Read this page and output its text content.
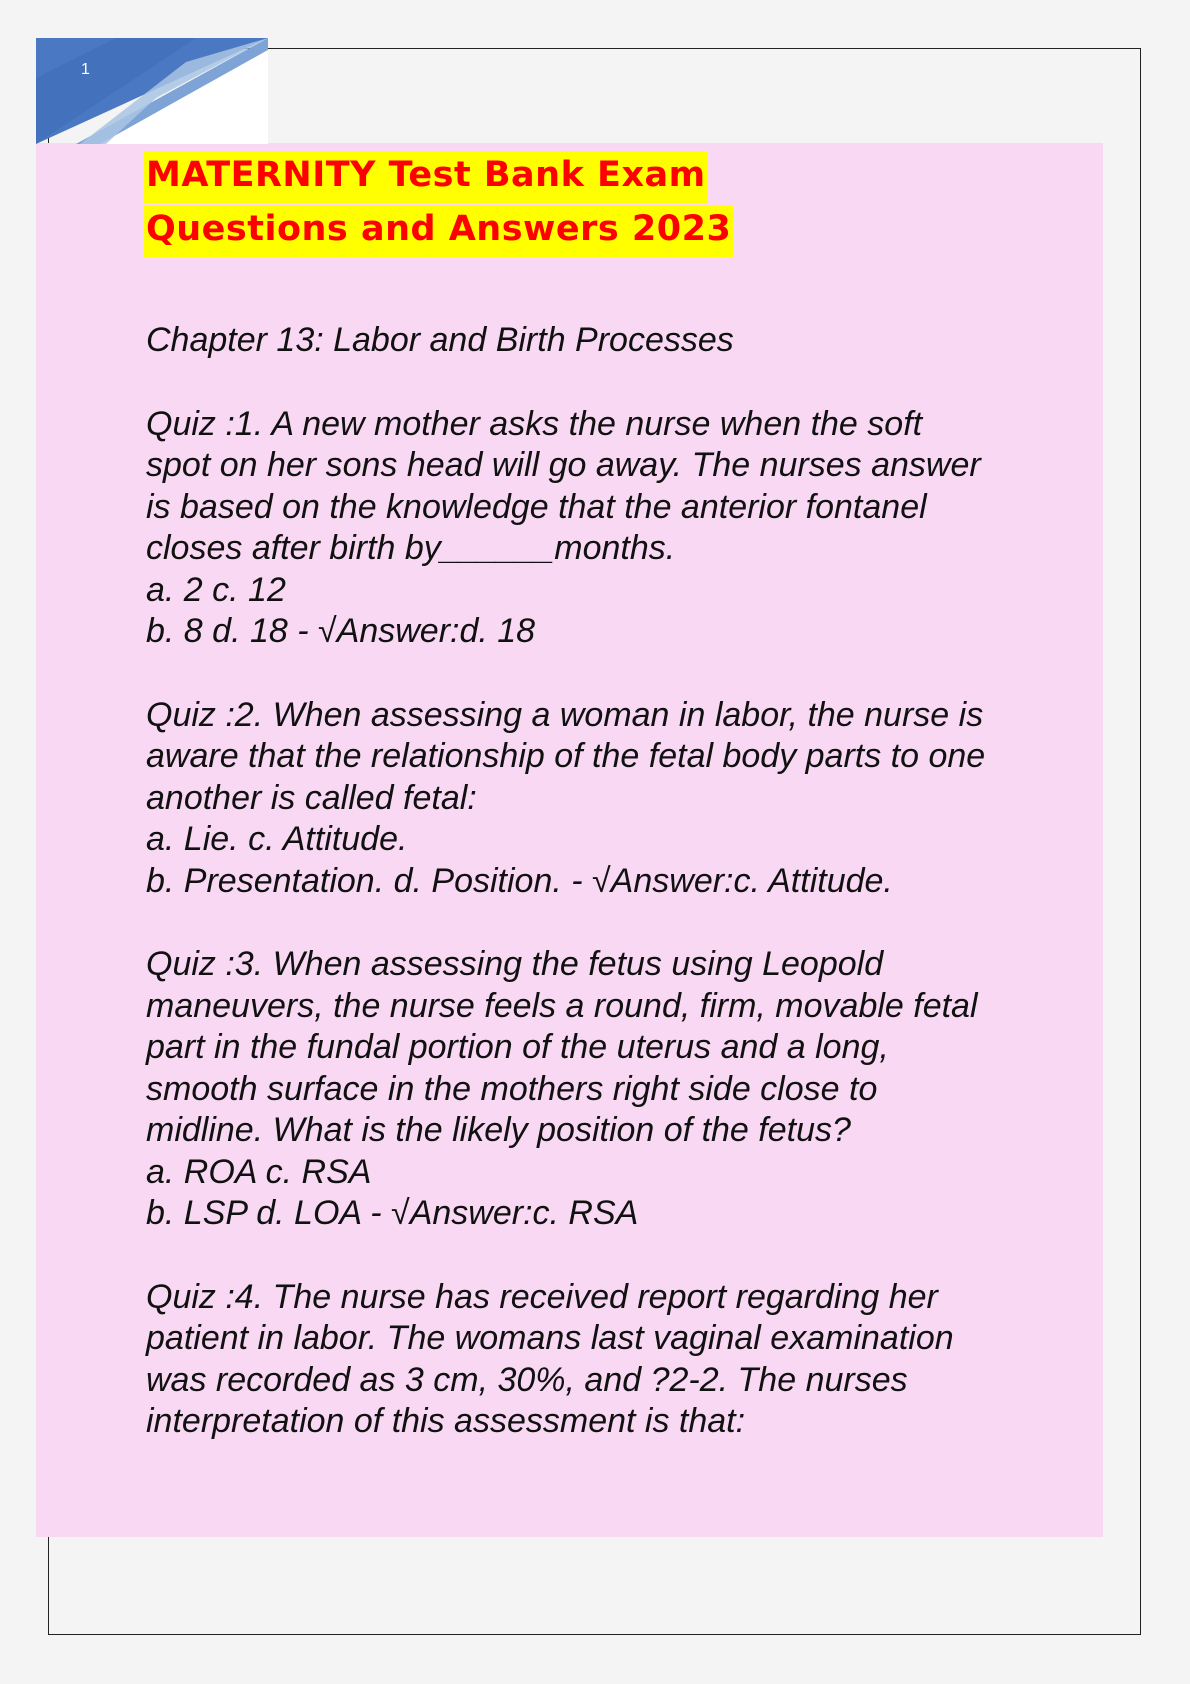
1
MATERNITY Test Bank Exam
Questions and Answers 2023

Chapter 13: Labor and Birth Processes

Quiz :1. A new mother asks the nurse when the soft

spot on her sons head will go away. The nurses answer

is based on the knowledge that the anterior fontanel

closes after birth by______months.

a. 2 c. 12

b. 8 d. 18 - √Answer:d. 18

Quiz :2. When assessing a woman in labor, the nurse is

aware that the relationship of the fetal body parts to one

another is called fetal:

a. Lie. c. Attitude.

b. Presentation. d. Position. - √Answer:c. Attitude.

Quiz :3. When assessing the fetus using Leopold

maneuvers, the nurse feels a round, firm, movable fetal

part in the fundal portion of the uterus and a long,

smooth surface in the mothers right side close to

midline. What is the likely position of the fetus?

a. ROA c. RSA

b. LSP d. LOA - √Answer:c. RSA

Quiz :4. The nurse has received report regarding her

patient in labor. The womans last vaginal examination

was recorded as 3 cm, 30%, and ?2-2. The nurses

interpretation of this assessment is that:
